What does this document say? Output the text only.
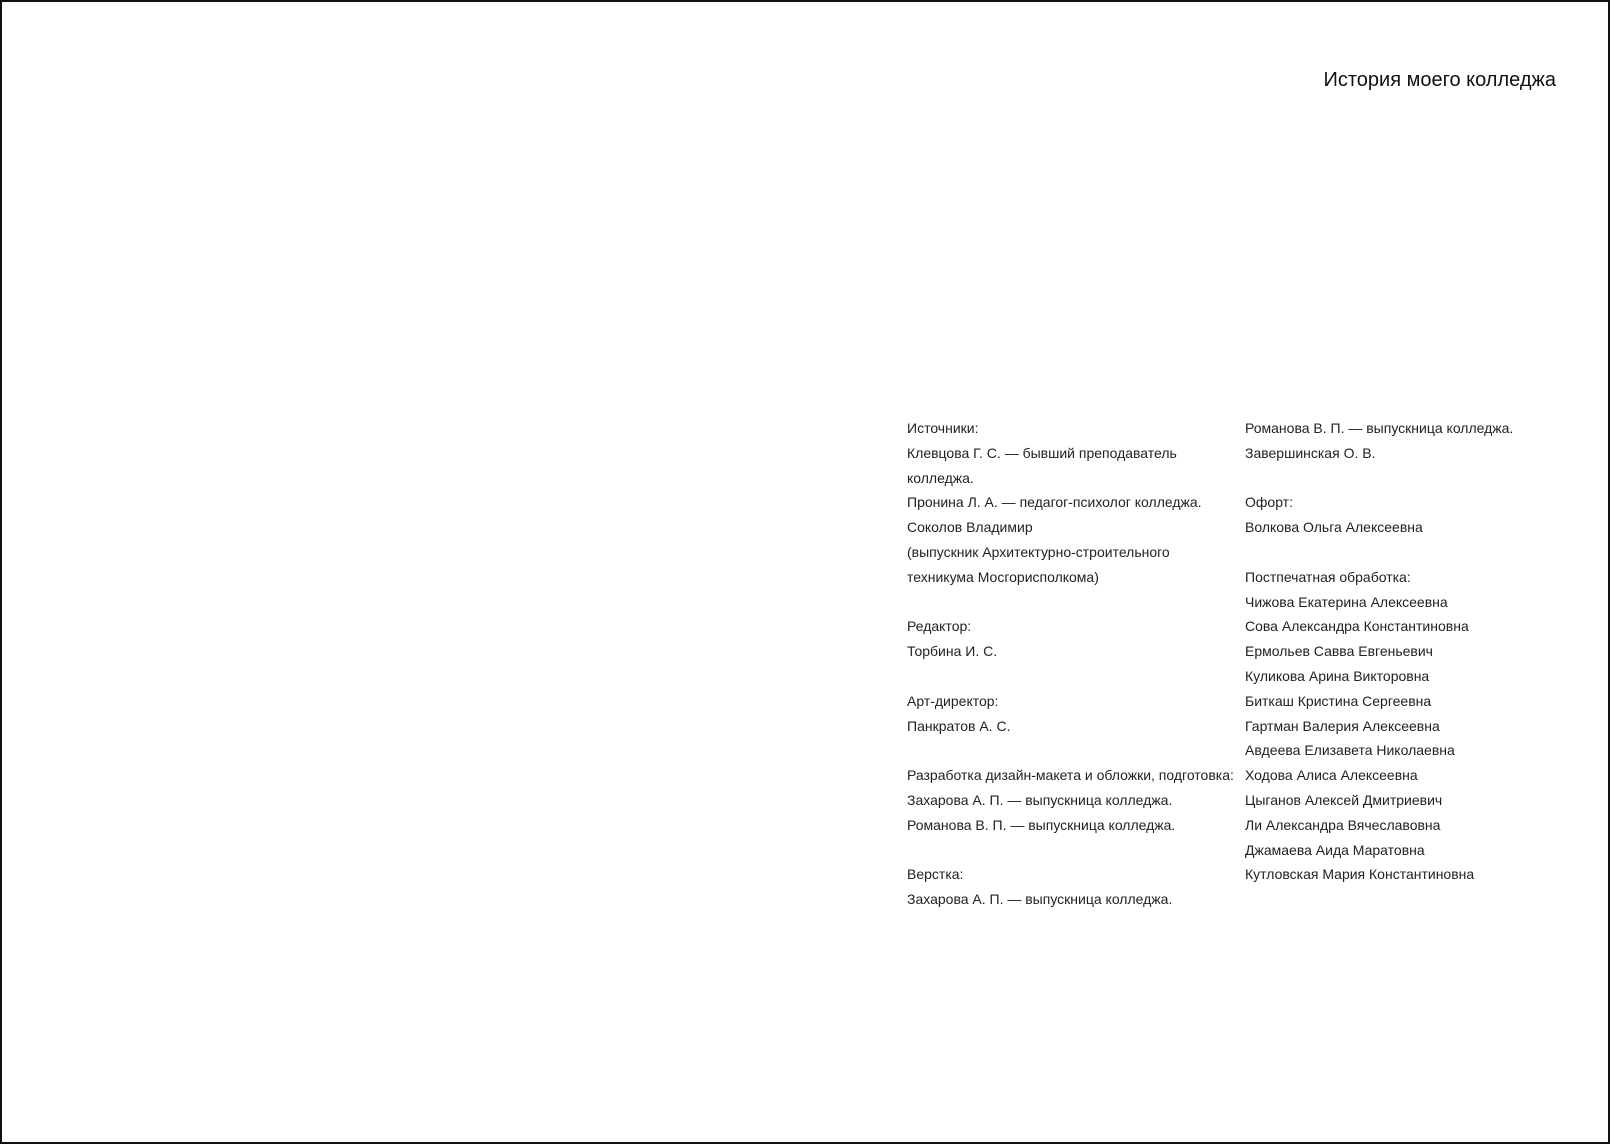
История моего колледжа

Источники:

Клевцова Г. С. — бывший преподаватель колледжа.

Пронина Л. А. — педагог-психолог колледжа.

Соколов Владимир

(выпускник Архитектурно-строительного техникума Мосгорисполкома)

Редактор:

Торбина И. С.

Арт-директор:

Панкратов А. С.

Разработка дизайн-макета и обложки, подготовка:

Захарова А. П. — выпускница колледжа.

Романова В. П. — выпускница колледжа.

Верстка:

Захарова А. П. — выпускница колледжа.

Романова В. П. — выпускница колледжа.

Завершинская О. В.

Офорт:

Волкова Ольга Алексеевна

Постпечатная обработка:

Чижова Екатерина Алексеевна

Сова Александра Константиновна

Ермольев Савва Евгеньевич

Куликова Арина Викторовна

Биткаш Кристина Сергеевна

Гартман Валерия Алексеевна

Авдеева Елизавета Николаевна

Ходова Алиса Алексеевна

Цыганов Алексей Дмитриевич

Ли Александра Вячеславовна

Джамаева Аида Маратовна

Кутловская Мария Константиновна
